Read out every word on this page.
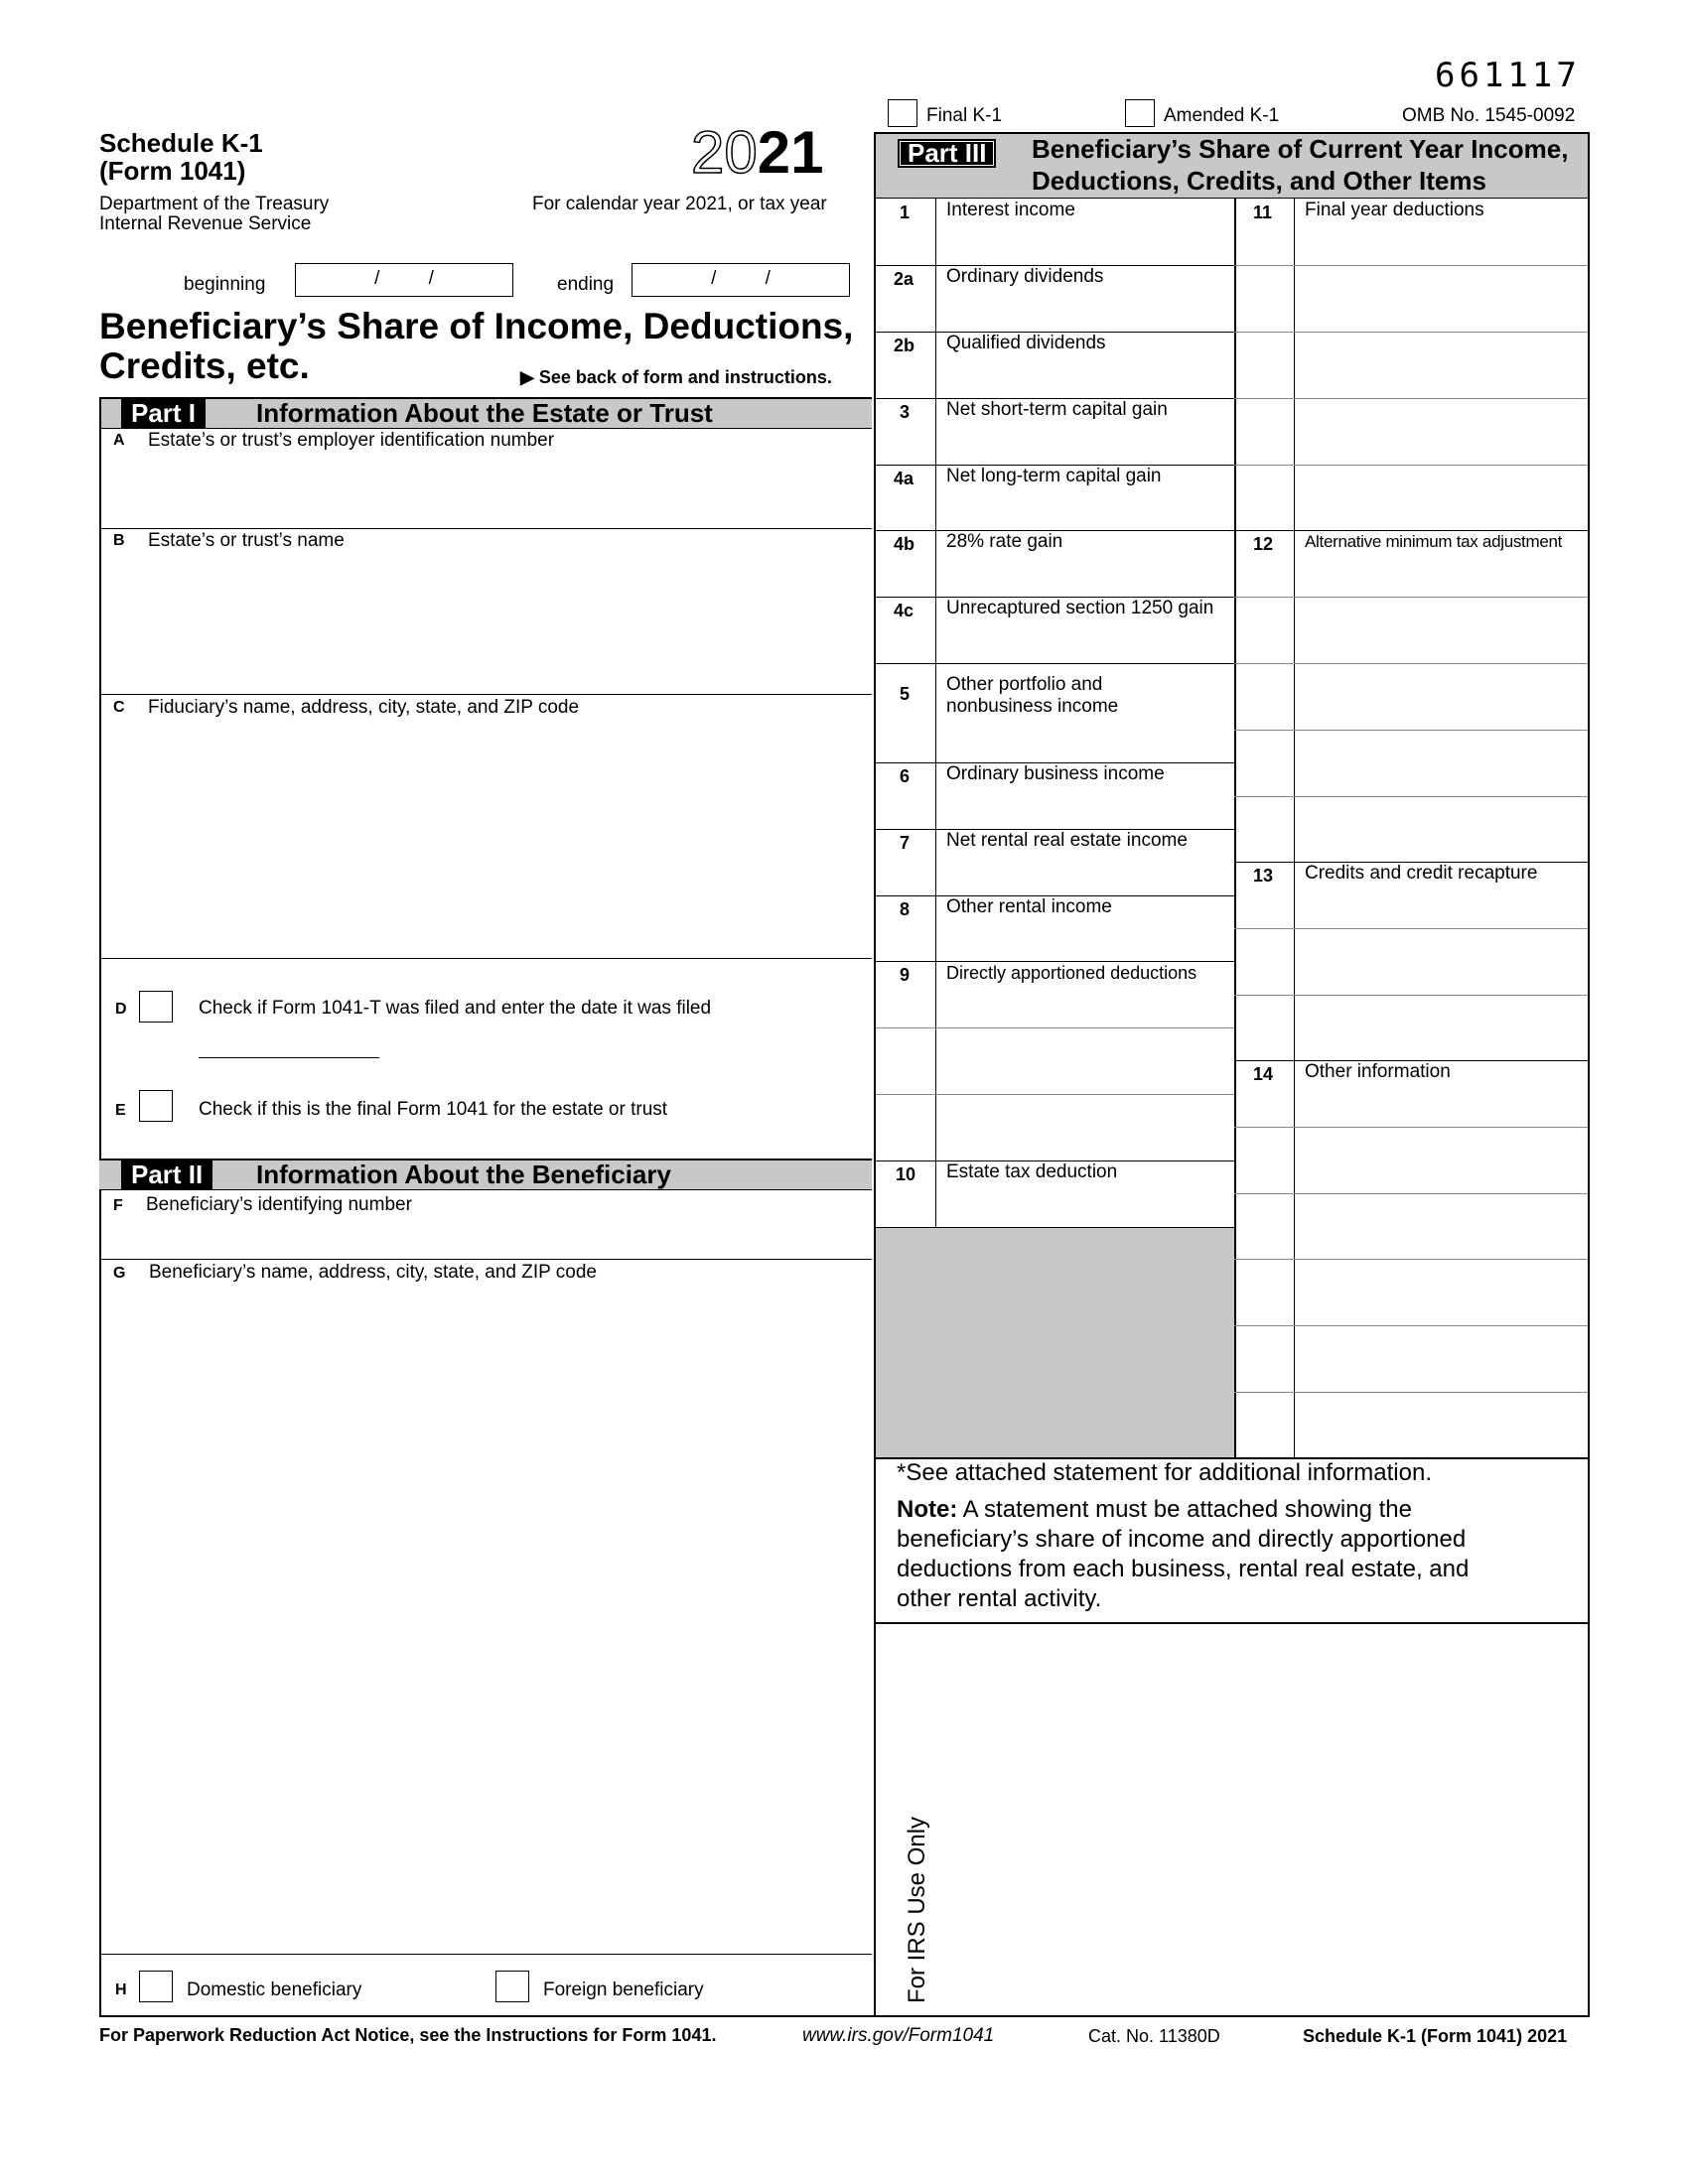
661117
Final K-1	Amended K-1	OMB No. 1545-0092
Schedule K-1
(Form 1041)	2021
Department of the Treasury
Internal Revenue Service
For calendar year 2021, or tax year
beginning	/ /	ending	/ /
Beneficiary’s Share of Income, Deductions,
Credits, etc.	▶ See back of form and instructions.
Part I	Information About the Estate or Trust
A Estate’s or trust’s employer identification number
B Estate’s or trust’s name
C Fiduciary’s name, address, city, state, and ZIP code
D	Check if Form 1041-T was filed and enter the date it was filed
E	Check if this is the final Form 1041 for the estate or trust
Part II	Information About the Beneficiary
F Beneficiary’s identifying number
G Beneficiary’s name, address, city, state, and ZIP code
H	Domestic beneficiary	Foreign beneficiary
Part III	Beneficiary’s Share of Current Year Income,
Deductions, Credits, and Other Items
1 Interest income
2a Ordinary dividends
2b Qualified dividends
3 Net short-term capital gain
4a Net long-term capital gain
4b 28% rate gain
4c Unrecaptured section 1250 gain
5 Other portfolio and
nonbusiness income
6 Ordinary business income
7 Net rental real estate income
8 Other rental income
9 Directly apportioned deductions
10 Estate tax deduction
11 Final year deductions
12 Alternative minimum tax adjustment
13 Credits and credit recapture
14 Other information
*See attached statement for additional information.
Note: A statement must be attached showing the
beneficiary’s share of income and directly apportioned
deductions from each business, rental real estate, and
other rental activity.
For IRS Use Only
For Paperwork Reduction Act Notice, see the Instructions for Form 1041.	www.irs.gov/Form1041	Cat. No. 11380D	Schedule K-1 (Form 1041) 2021
